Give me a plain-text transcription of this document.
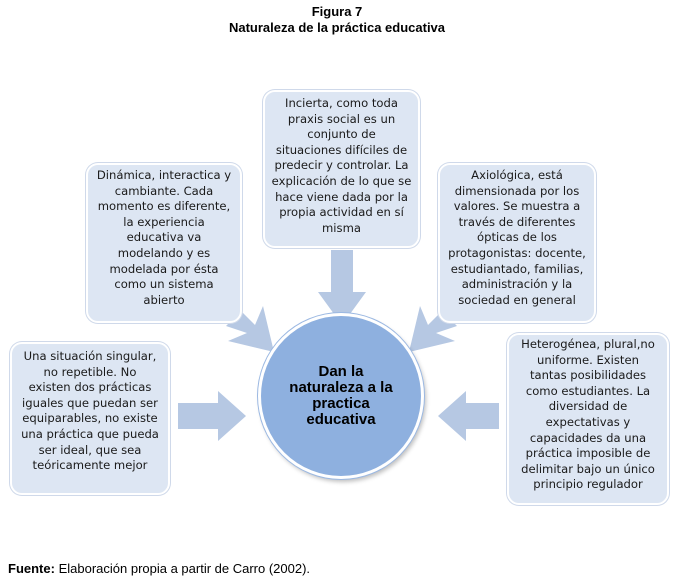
Figura 7
Naturaleza de la práctica educativa
Incierta, como toda
praxis social es un
conjunto de
situaciones difíciles de
predecir y controlar. La
explicación de lo que se
hace viene dada por la
propia actividad en sí
misma
Dinámica, interactica y
cambiante. Cada
momento es diferente,
la experiencia
educativa va
modelando y es
modelada por ésta
como un sistema
abierto
Axiológica, está
dimensionada por los
valores. Se muestra a
través de diferentes
ópticas de los
protagonistas: docente,
estudiantado, familias,
administración y la
sociedad en general
Una situación singular,
no repetible. No
existen dos prácticas
iguales que puedan ser
equiparables, no existe
una práctica que pueda
ser ideal, que sea
teóricamente mejor
Heterogénea, plural,no
uniforme. Existen
tantas posibilidades
como estudiantes. La
diversidad de
expectativas y
capacidades da una
práctica imposible de
delimitar bajo un único
principio regulador
Dan la
naturaleza a la
practica
educativa
Fuente: Elaboración propia a partir de Carro (2002).
